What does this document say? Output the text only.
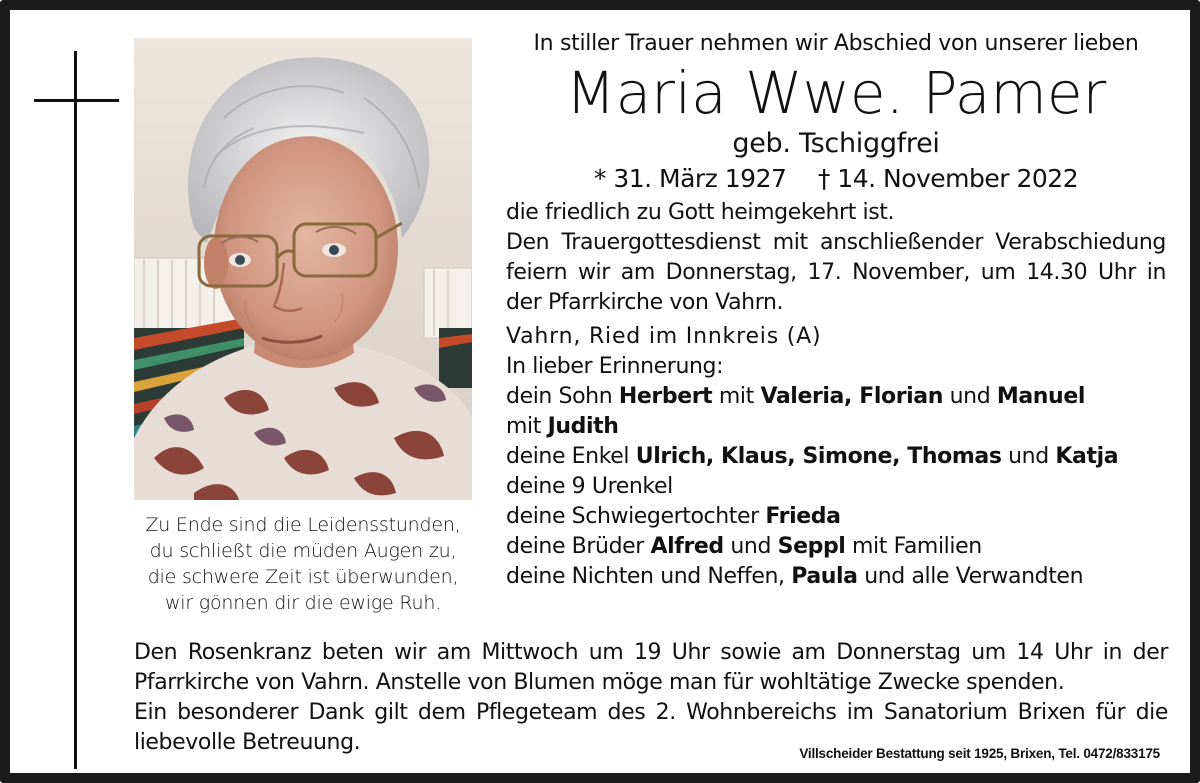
Zu Ende sind die Leidensstunden,
du schließt die müden Augen zu,
die schwere Zeit ist überwunden,
wir gönnen dir die ewige Ruh.
In stiller Trauer nehmen wir Abschied von unserer lieben
Maria Wwe. Pamer
geb. Tschiggfrei
* 31. März 1927 † 14. November 2022
die friedlich zu Gott heimgekehrt ist.
Den Trauergottesdienst mit anschließender Verabschiedung feiern wir am Donnerstag, 17. November, um 14.30 Uhr in der Pfarrkirche von Vahrn.
Vahrn, Ried im Innkreis (A)
In lieber Erinnerung:
dein Sohn Herbert mit Valeria, Florian und Manuel
mit Judith
deine Enkel Ulrich, Klaus, Simone, Thomas und Katja
deine 9 Urenkel
deine Schwiegertochter Frieda
deine Brüder Alfred und Seppl mit Familien
deine Nichten und Neffen, Paula und alle Verwandten
Den Rosenkranz beten wir am Mittwoch um 19 Uhr sowie am Donnerstag um 14 Uhr in der Pfarrkirche von Vahrn. Anstelle von Blumen möge man für wohltätige Zwecke spenden.
Ein besonderer Dank gilt dem Pflegeteam des 2. Wohnbereichs im Sanatorium Brixen für die liebevolle Betreuung.	Villscheider Bestattung seit 1925, Brixen, Tel. 0472/833175
